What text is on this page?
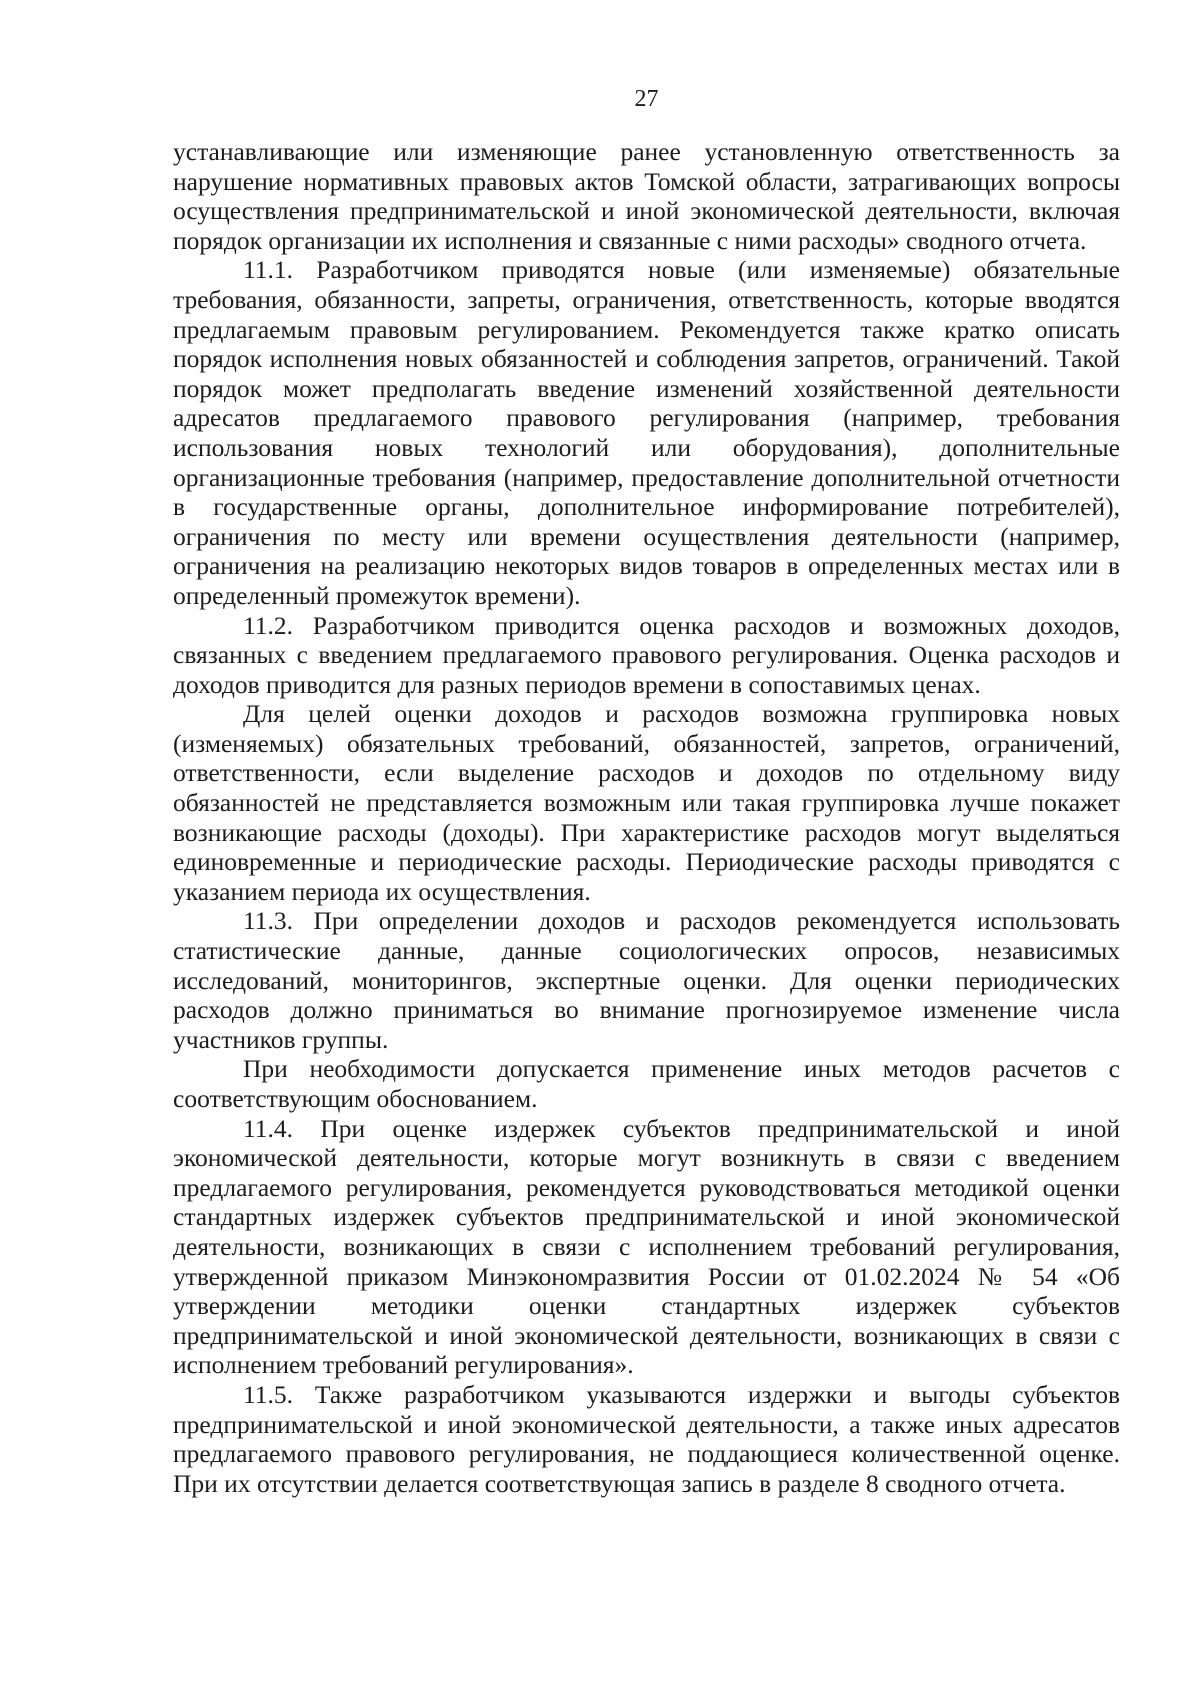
27

устанавливающие или изменяющие ранее установленную ответственность за нарушение нормативных правовых актов Томской области, затрагивающих вопросы осуществления предпринимательской и иной экономической деятельности, включая порядок организации их исполнения и связанные с ними расходы» сводного отчета.

11.1. Разработчиком приводятся новые (или изменяемые) обязательные требования, обязанности, запреты, ограничения, ответственность, которые вводятся предлагаемым правовым регулированием. Рекомендуется также кратко описать порядок исполнения новых обязанностей и соблюдения запретов, ограничений. Такой порядок может предполагать введение изменений хозяйственной деятельности адресатов предлагаемого правового регулирования (например, требования использования новых технологий или оборудования), дополнительные организационные требования (например, предоставление дополнительной отчетности в государственные органы, дополнительное информирование потребителей), ограничения по месту или времени осуществления деятельности (например, ограничения на реализацию некоторых видов товаров в определенных местах или в определенный промежуток времени).

11.2. Разработчиком приводится оценка расходов и возможных доходов, связанных с введением предлагаемого правового регулирования. Оценка расходов и доходов приводится для разных периодов времени в сопоставимых ценах.

Для целей оценки доходов и расходов возможна группировка новых (изменяемых) обязательных требований, обязанностей, запретов, ограничений, ответственности, если выделение расходов и доходов по отдельному виду обязанностей не представляется возможным или такая группировка лучше покажет возникающие расходы (доходы). При характеристике расходов могут выделяться единовременные и периодические расходы. Периодические расходы приводятся с указанием периода их осуществления.

11.3. При определении доходов и расходов рекомендуется использовать статистические данные, данные социологических опросов, независимых исследований, мониторингов, экспертные оценки. Для оценки периодических расходов должно приниматься во внимание прогнозируемое изменение числа участников группы.

При необходимости допускается применение иных методов расчетов с соответствующим обоснованием.

11.4. При оценке издержек субъектов предпринимательской и иной экономической деятельности, которые могут возникнуть в связи с введением предлагаемого регулирования, рекомендуется руководствоваться методикой оценки стандартных издержек субъектов предпринимательской и иной экономической деятельности, возникающих в связи с исполнением требований регулирования, утвержденной приказом Минэкономразвития России от 01.02.2024 № 54 «Об утверждении методики оценки стандартных издержек субъектов предпринимательской и иной экономической деятельности, возникающих в связи с исполнением требований регулирования».

11.5. Также разработчиком указываются издержки и выгоды субъектов предпринимательской и иной экономической деятельности, а также иных адресатов предлагаемого правового регулирования, не поддающиеся количественной оценке. При их отсутствии делается соответствующая запись в разделе 8 сводного отчета.
